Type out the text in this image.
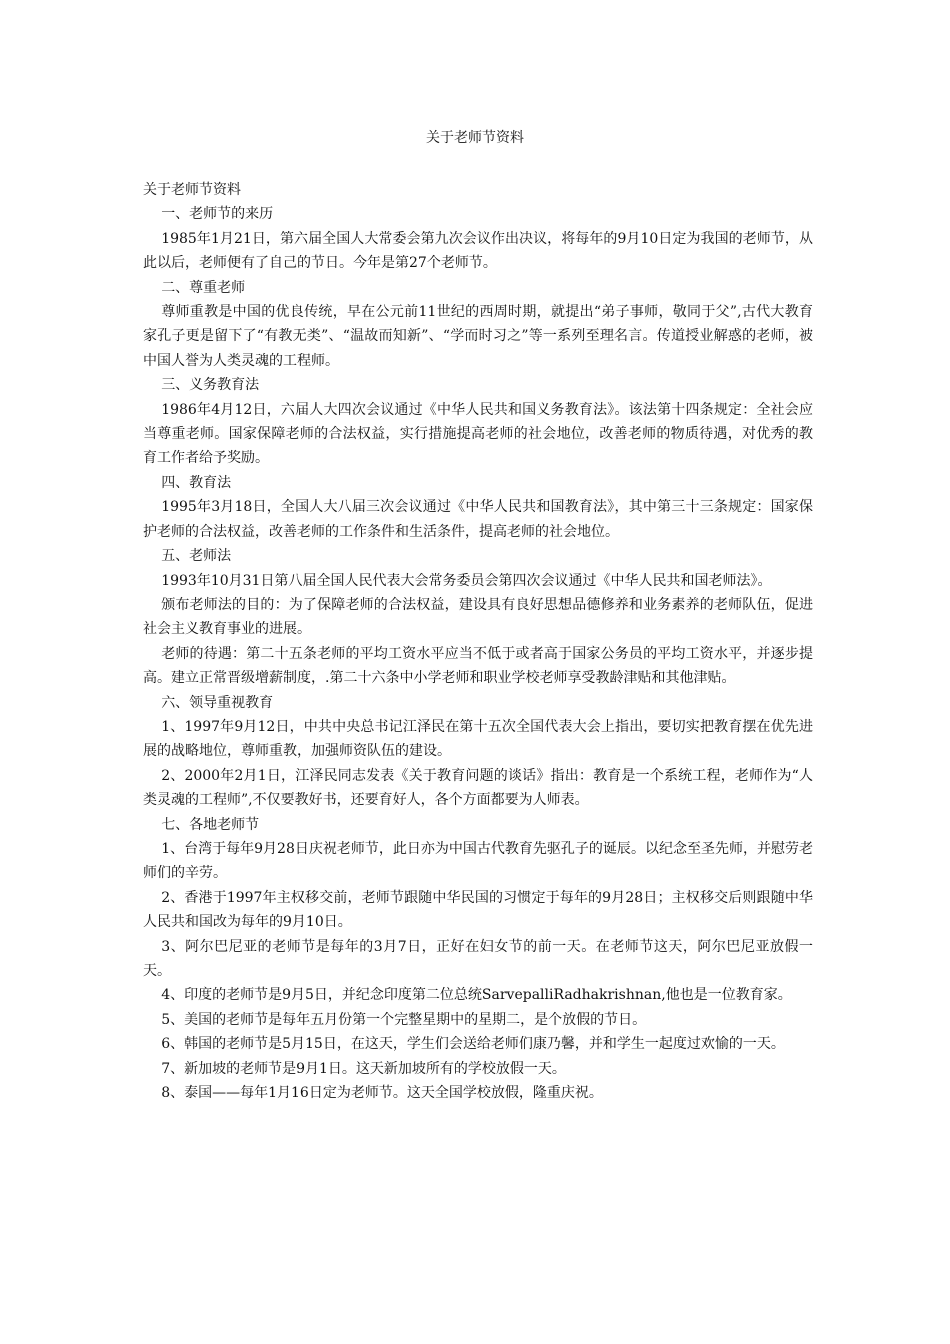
关于老师节资料

关于老师节资料

一、老师节的来历

1985年1月21日，第六届全国人大常委会第九次会议作出决议，将每年的9月10日定为我国的老师节，从此以后，老师便有了自己的节日。今年是第27个老师节。

二、尊重老师

尊师重教是中国的优良传统，早在公元前11世纪的西周时期，就提出“弟子事师，敬同于父”,古代大教育家孔子更是留下了“有教无类”、“温故而知新”、“学而时习之”等一系列至理名言。传道授业解惑的老师，被中国人誉为人类灵魂的工程师。

三、义务教育法

1986年4月12日，六届人大四次会议通过《中华人民共和国义务教育法》。该法第十四条规定：全社会应当尊重老师。国家保障老师的合法权益，实行措施提高老师的社会地位，改善老师的物质待遇，对优秀的教育工作者给予奖励。

四、教育法

1995年3月18日，全国人大八届三次会议通过《中华人民共和国教育法》，其中第三十三条规定：国家保护老师的合法权益，改善老师的工作条件和生活条件，提高老师的社会地位。

五、老师法

1993年10月31日第八届全国人民代表大会常务委员会第四次会议通过《中华人民共和国老师法》。

颁布老师法的目的：为了保障老师的合法权益，建设具有良好思想品德修养和业务素养的老师队伍，促进社会主义教育事业的进展。

老师的待遇：第二十五条老师的平均工资水平应当不低于或者高于国家公务员的平均工资水平，并逐步提高。建立正常晋级增薪制度，.第二十六条中小学老师和职业学校老师享受教龄津贴和其他津贴。

六、领导重视教育

1、1997年9月12日，中共中央总书记江泽民在第十五次全国代表大会上指出，要切实把教育摆在优先进展的战略地位，尊师重教，加强师资队伍的建设。

2、2000年2月1日，江泽民同志发表《关于教育问题的谈话》指出：教育是一个系统工程，老师作为“人类灵魂的工程师”,不仅要教好书，还要育好人，各个方面都要为人师表。

七、各地老师节

1、台湾于每年9月28日庆祝老师节，此日亦为中国古代教育先驱孔子的诞辰。以纪念至圣先师，并慰劳老师们的辛劳。

2、香港于1997年主权移交前，老师节跟随中华民国的习惯定于每年的9月28日；主权移交后则跟随中华人民共和国改为每年的9月10日。

3、阿尔巴尼亚的老师节是每年的3月7日，正好在妇女节的前一天。在老师节这天，阿尔巴尼亚放假一天。

4、印度的老师节是9月5日，并纪念印度第二位总统SarvepalliRadhakrishnan,他也是一位教育家。

5、美国的老师节是每年五月份第一个完整星期中的星期二，是个放假的节日。

6、韩国的老师节是5月15日，在这天，学生们会送给老师们康乃馨，并和学生一起度过欢愉的一天。

7、新加坡的老师节是9月1日。这天新加坡所有的学校放假一天。

8、泰国——每年1月16日定为老师节。这天全国学校放假，隆重庆祝。
